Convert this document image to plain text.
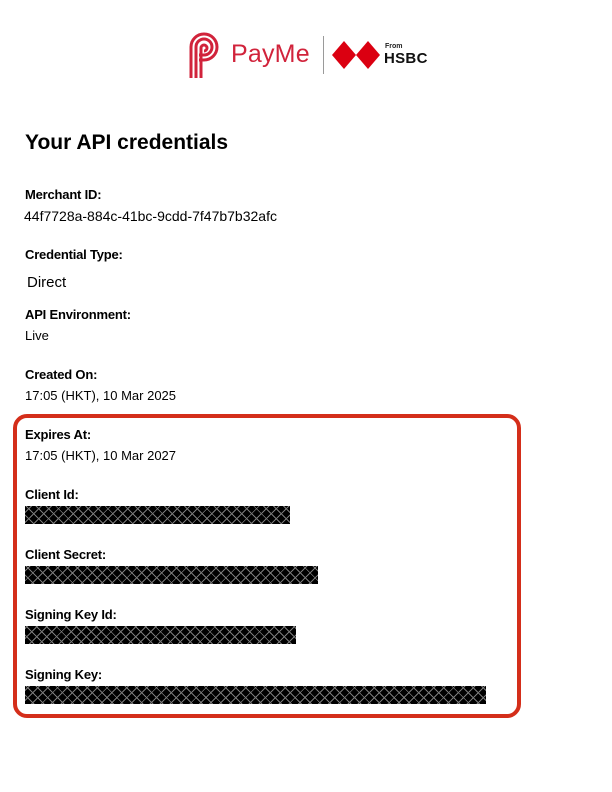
PayMe	From
HSBC
Your API credentials
Merchant ID:
44f7728a-884c-41bc-9cdd-7f47b7b32afc
Credential Type:
Direct
API Environment:
Live
Created On:
17:05 (HKT), 10 Mar 2025
Expires At:
17:05 (HKT), 10 Mar 2027
Client Id:
Client Secret:
Signing Key Id:
Signing Key:
